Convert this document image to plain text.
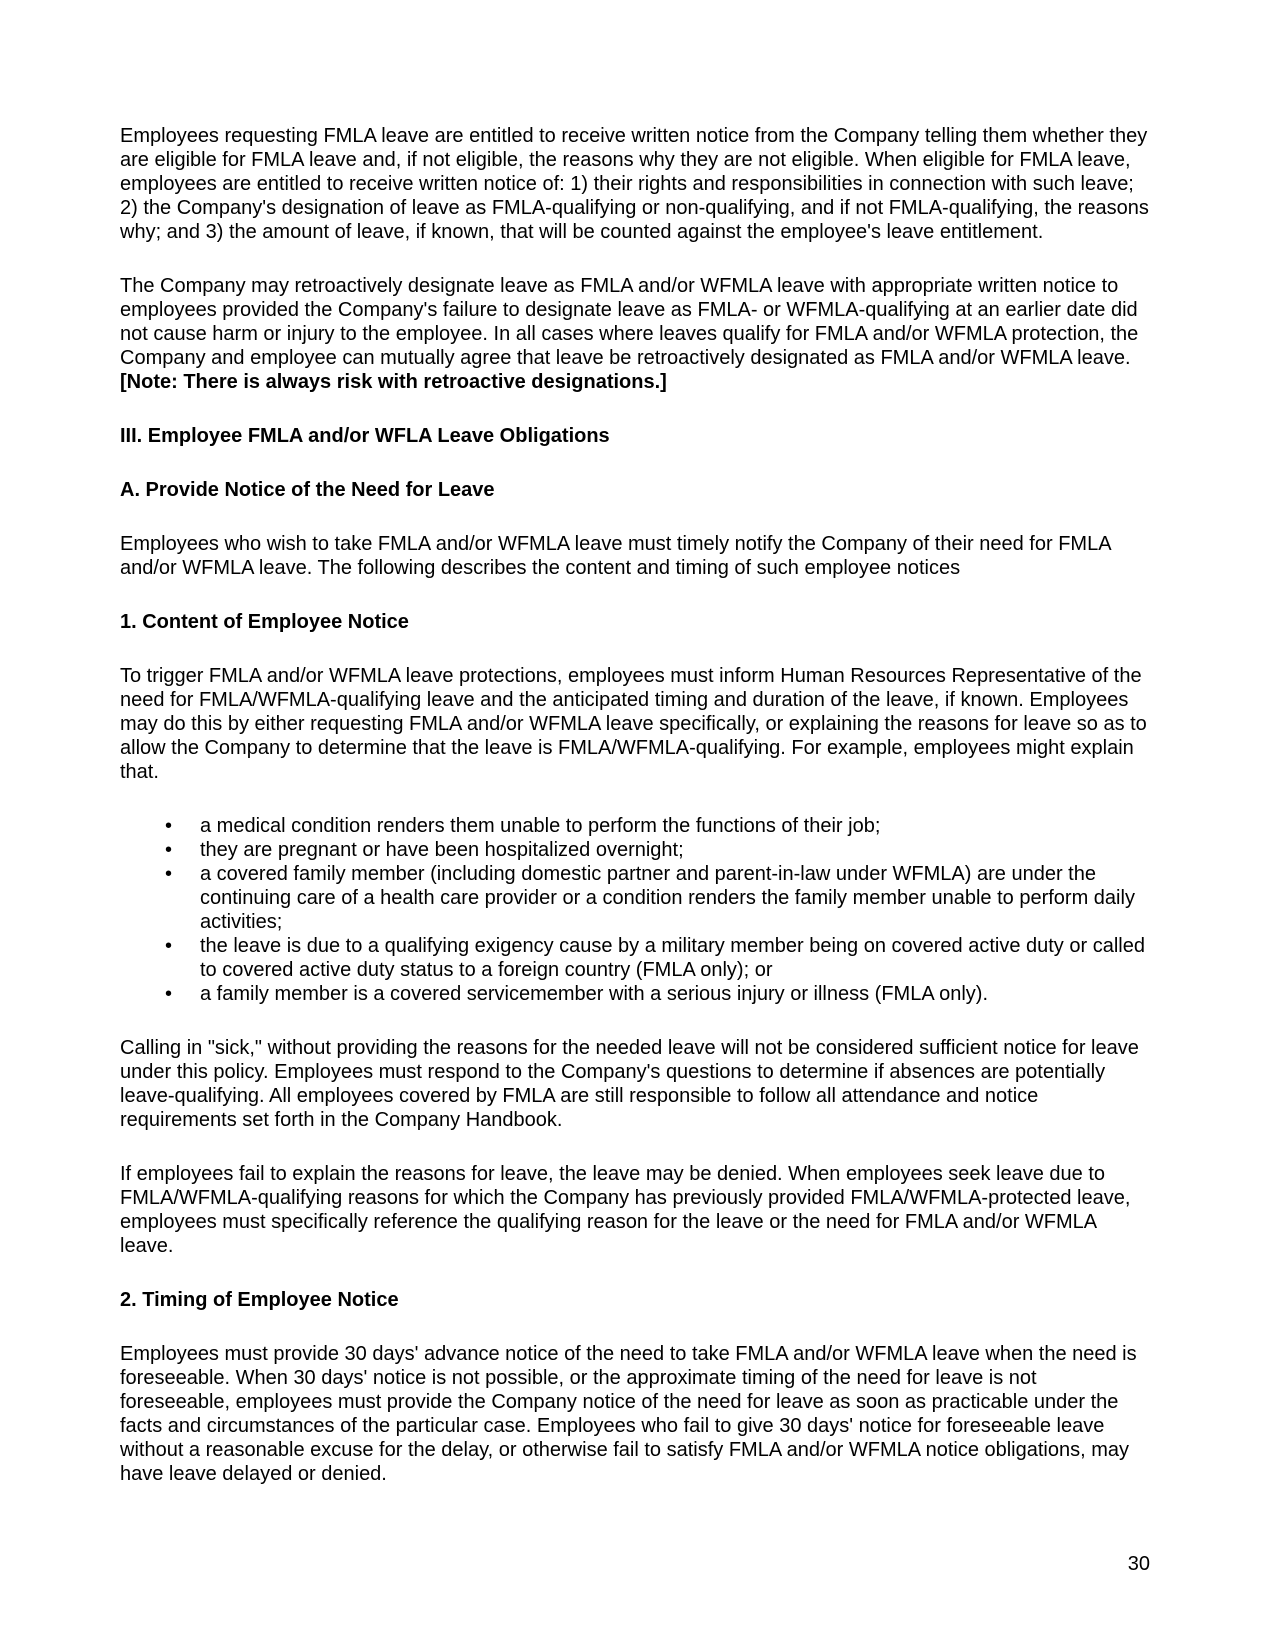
Employees requesting FMLA leave are entitled to receive written notice from the Company telling them whether they are eligible for FMLA leave and, if not eligible, the reasons why they are not eligible. When eligible for FMLA leave, employees are entitled to receive written notice of: 1) their rights and responsibilities in connection with such leave; 2) the Company's designation of leave as FMLA-qualifying or non-qualifying, and if not FMLA-qualifying, the reasons why; and 3) the amount of leave, if known, that will be counted against the employee's leave entitlement.

The Company may retroactively designate leave as FMLA and/or WFMLA leave with appropriate written notice to employees provided the Company's failure to designate leave as FMLA- or WFMLA-qualifying at an earlier date did not cause harm or injury to the employee. In all cases where leaves qualify for FMLA and/or WFMLA protection, the Company and employee can mutually agree that leave be retroactively designated as FMLA and/or WFMLA leave. [Note: There is always risk with retroactive designations.]

III. Employee FMLA and/or WFLA Leave Obligations

A. Provide Notice of the Need for Leave

Employees who wish to take FMLA and/or WFMLA leave must timely notify the Company of their need for FMLA and/or WFMLA leave. The following describes the content and timing of such employee notices

1. Content of Employee Notice

To trigger FMLA and/or WFMLA leave protections, employees must inform Human Resources Representative of the need for FMLA/WFMLA-qualifying leave and the anticipated timing and duration of the leave, if known. Employees may do this by either requesting FMLA and/or WFMLA leave specifically, or explaining the reasons for leave so as to allow the Company to determine that the leave is FMLA/WFMLA-qualifying. For example, employees might explain that.

• a medical condition renders them unable to perform the functions of their job;
• they are pregnant or have been hospitalized overnight;
• a covered family member (including domestic partner and parent-in-law under WFMLA) are under the continuing care of a health care provider or a condition renders the family member unable to perform daily activities;
• the leave is due to a qualifying exigency cause by a military member being on covered active duty or called to covered active duty status to a foreign country (FMLA only); or
• a family member is a covered servicemember with a serious injury or illness (FMLA only).

Calling in "sick," without providing the reasons for the needed leave will not be considered sufficient notice for leave under this policy. Employees must respond to the Company's questions to determine if absences are potentially leave-qualifying. All employees covered by FMLA are still responsible to follow all attendance and notice requirements set forth in the Company Handbook.

If employees fail to explain the reasons for leave, the leave may be denied. When employees seek leave due to FMLA/WFMLA-qualifying reasons for which the Company has previously provided FMLA/WFMLA-protected leave, employees must specifically reference the qualifying reason for the leave or the need for FMLA and/or WFMLA leave.

2. Timing of Employee Notice

Employees must provide 30 days' advance notice of the need to take FMLA and/or WFMLA leave when the need is foreseeable. When 30 days' notice is not possible, or the approximate timing of the need for leave is not foreseeable, employees must provide the Company notice of the need for leave as soon as practicable under the facts and circumstances of the particular case. Employees who fail to give 30 days' notice for foreseeable leave without a reasonable excuse for the delay, or otherwise fail to satisfy FMLA and/or WFMLA notice obligations, may have leave delayed or denied.

30
